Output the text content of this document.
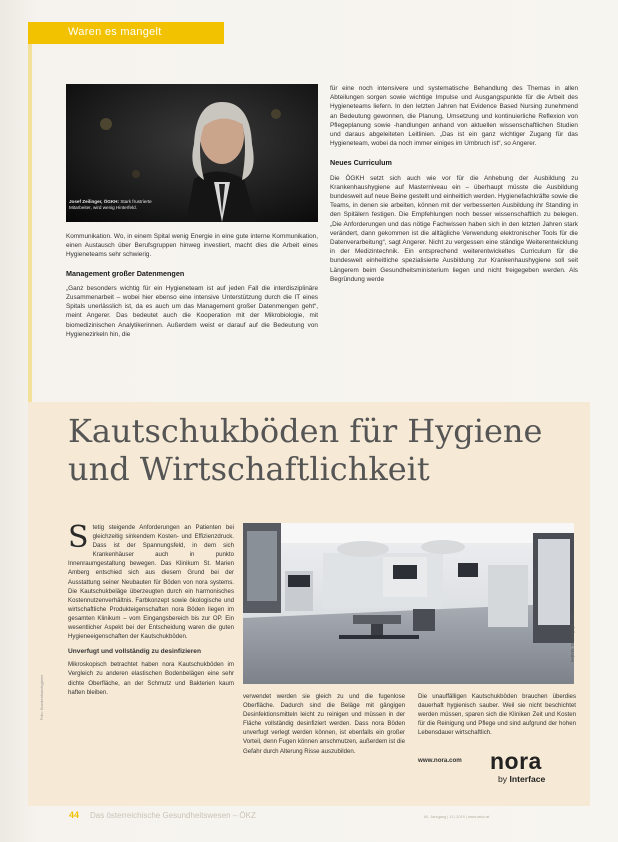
Waren es mangelt
Josef Zeilinger, ÖGKH: Stark frustrierte Mitarbeiter, wird wenig Hinterfeld.

Kommunikation. Wo, in einem Spital wenig Energie in eine gute interne Kommunikation, einen Austausch über Berufsgruppen hinweg investiert, macht dies die Arbeit eines Hygieneteams sehr schwierig.

Management großer Datenmengen

„Ganz besonders wichtig für ein Hygieneteam ist auf jeden Fall die interdisziplinäre Zusammenarbeit – wobei hier ebenso eine intensive Unterstützung durch die IT eines Spitals unerlässlich ist, da es auch um das Management großer Datenmengen geht“, meint Angerer. Das bedeutet auch die Kooperation mit der Mikrobiologie, mit biomedizinischen Analytikerinnen. Außerdem weist er darauf auf die Bedeutung von Hygienezirkeln hin, die

für eine noch intensivere und systematische Behandlung des Themas in allen Abteilungen sorgen sowie wichtige Impulse und Ausgangspunkte für die Arbeit des Hygieneteams liefern. In den letzten Jahren hat Evidence Based Nursing zunehmend an Bedeutung gewonnen, die Planung, Umsetzung und kontinuierliche Reflexion von Pflegeplanung sowie -handlungen anhand von aktuellen wissenschaftlichen Studien und daraus abgeleiteten Leitlinien. „Das ist ein ganz wichtiger Zugang für das Hygieneteam, wobei da noch immer einiges im Umbruch ist“, so Angerer.

Neues Curriculum

Die ÖGKH setzt sich auch wie vor für die Anhebung der Ausbildung zu Krankenhaushygiene auf Masterniveau ein – überhaupt müsste die Ausbildung bundesweit auf neue Beine gestellt und einheitlich werden. Hygienefachkräfte sowie die Teams, in denen sie arbeiten, können mit der verbesserten Ausbildung ihr Standing in den Spitälern festigen. Die Empfehlungen noch besser wissenschaftlich zu belegen. „Die Anforderungen und das nötige Fachwissen haben sich in den letzten Jahren stark verändert, dann gekommen ist die alltägliche Verwendung elektronischer Tools für die Datenverarbeitung“, sagt Angerer. Nicht zu vergessen eine ständige Weiterentwicklung in der Medizintechnik. Ein entsprechend weiterentwickeltes Curriculum für die bundesweit einheitliche spezialisierte Ausbildung zur Krankenhaushygiene soll seit Längerem beim Gesundheitsministerium liegen und nicht freigegeben werden. Als Begründung werde

Kautschukböden für Hygiene
und Wirtschaftlichkeit
S tetig steigende Anforderungen an Patienten bei gleichzeitig sinkendem Kosten- und Effizienzdruck. Dass ist der Spannungsfeld, in dem sich Krankenhäuser auch in punkto Innenraumgestaltung bewegen. Das Klinikum St. Marien Amberg entschied sich aus diesem Grund bei der Ausstattung seiner Neubauten für Böden von nora systems. Die Kautschukbeläge überzeugten durch ein harmonisches Kostennutzenverhältnis. Farbkonzept sowie ökologische und wirtschaftliche Produkteigenschaften nora Böden liegen im gesamten Klinikum – vom Eingangsbereich bis zur OP. Ein wesentlicher Aspekt bei der Entscheidung waren die guten Hygieneeigenschaften der Kautschukböden.
Unverfugt und vollständig zu desinfizieren
Mikroskopisch betrachtet haben nora Kautschukböden im Vergleich zu anderen elastischen Bodenbelägen eine sehr dichte Oberfläche, an der Schmutz und Bakterien kaum haften bleiben.
Foto: Klinikum St. Marien
verwendet werden sie gleich zu und die fugenlose Oberfläche. Dadurch sind die Beläge mit gängigen Desinfektionsmitteln leicht zu reinigen und müssen in der Fläche vollständig desinfiziert werden. Dass nora Böden unverfugt verlegt werden können, ist ebenfalls ein großer Vorteil, denn Fugen können anschmutzen, außerdem ist die Gefahr durch Alterung Risse auszubilden.
Die unauffälligen Kautschukböden brauchen überdies dauerhaft hygienisch sauber. Weil sie nicht beschichtet werden müssen, sparen sich die Kliniken Zeit und Kosten für die Reinigung und Pflege und sind aufgrund der hohen Lebensdauer wirtschaftlich.
www.nora.com nora
by Interface
44 Das österreichische Gesundheitswesen – ÖKZ	60. Jahrgang | 11 | 2019 | www.oekz.at
Foto: Krankenhaushygiene
